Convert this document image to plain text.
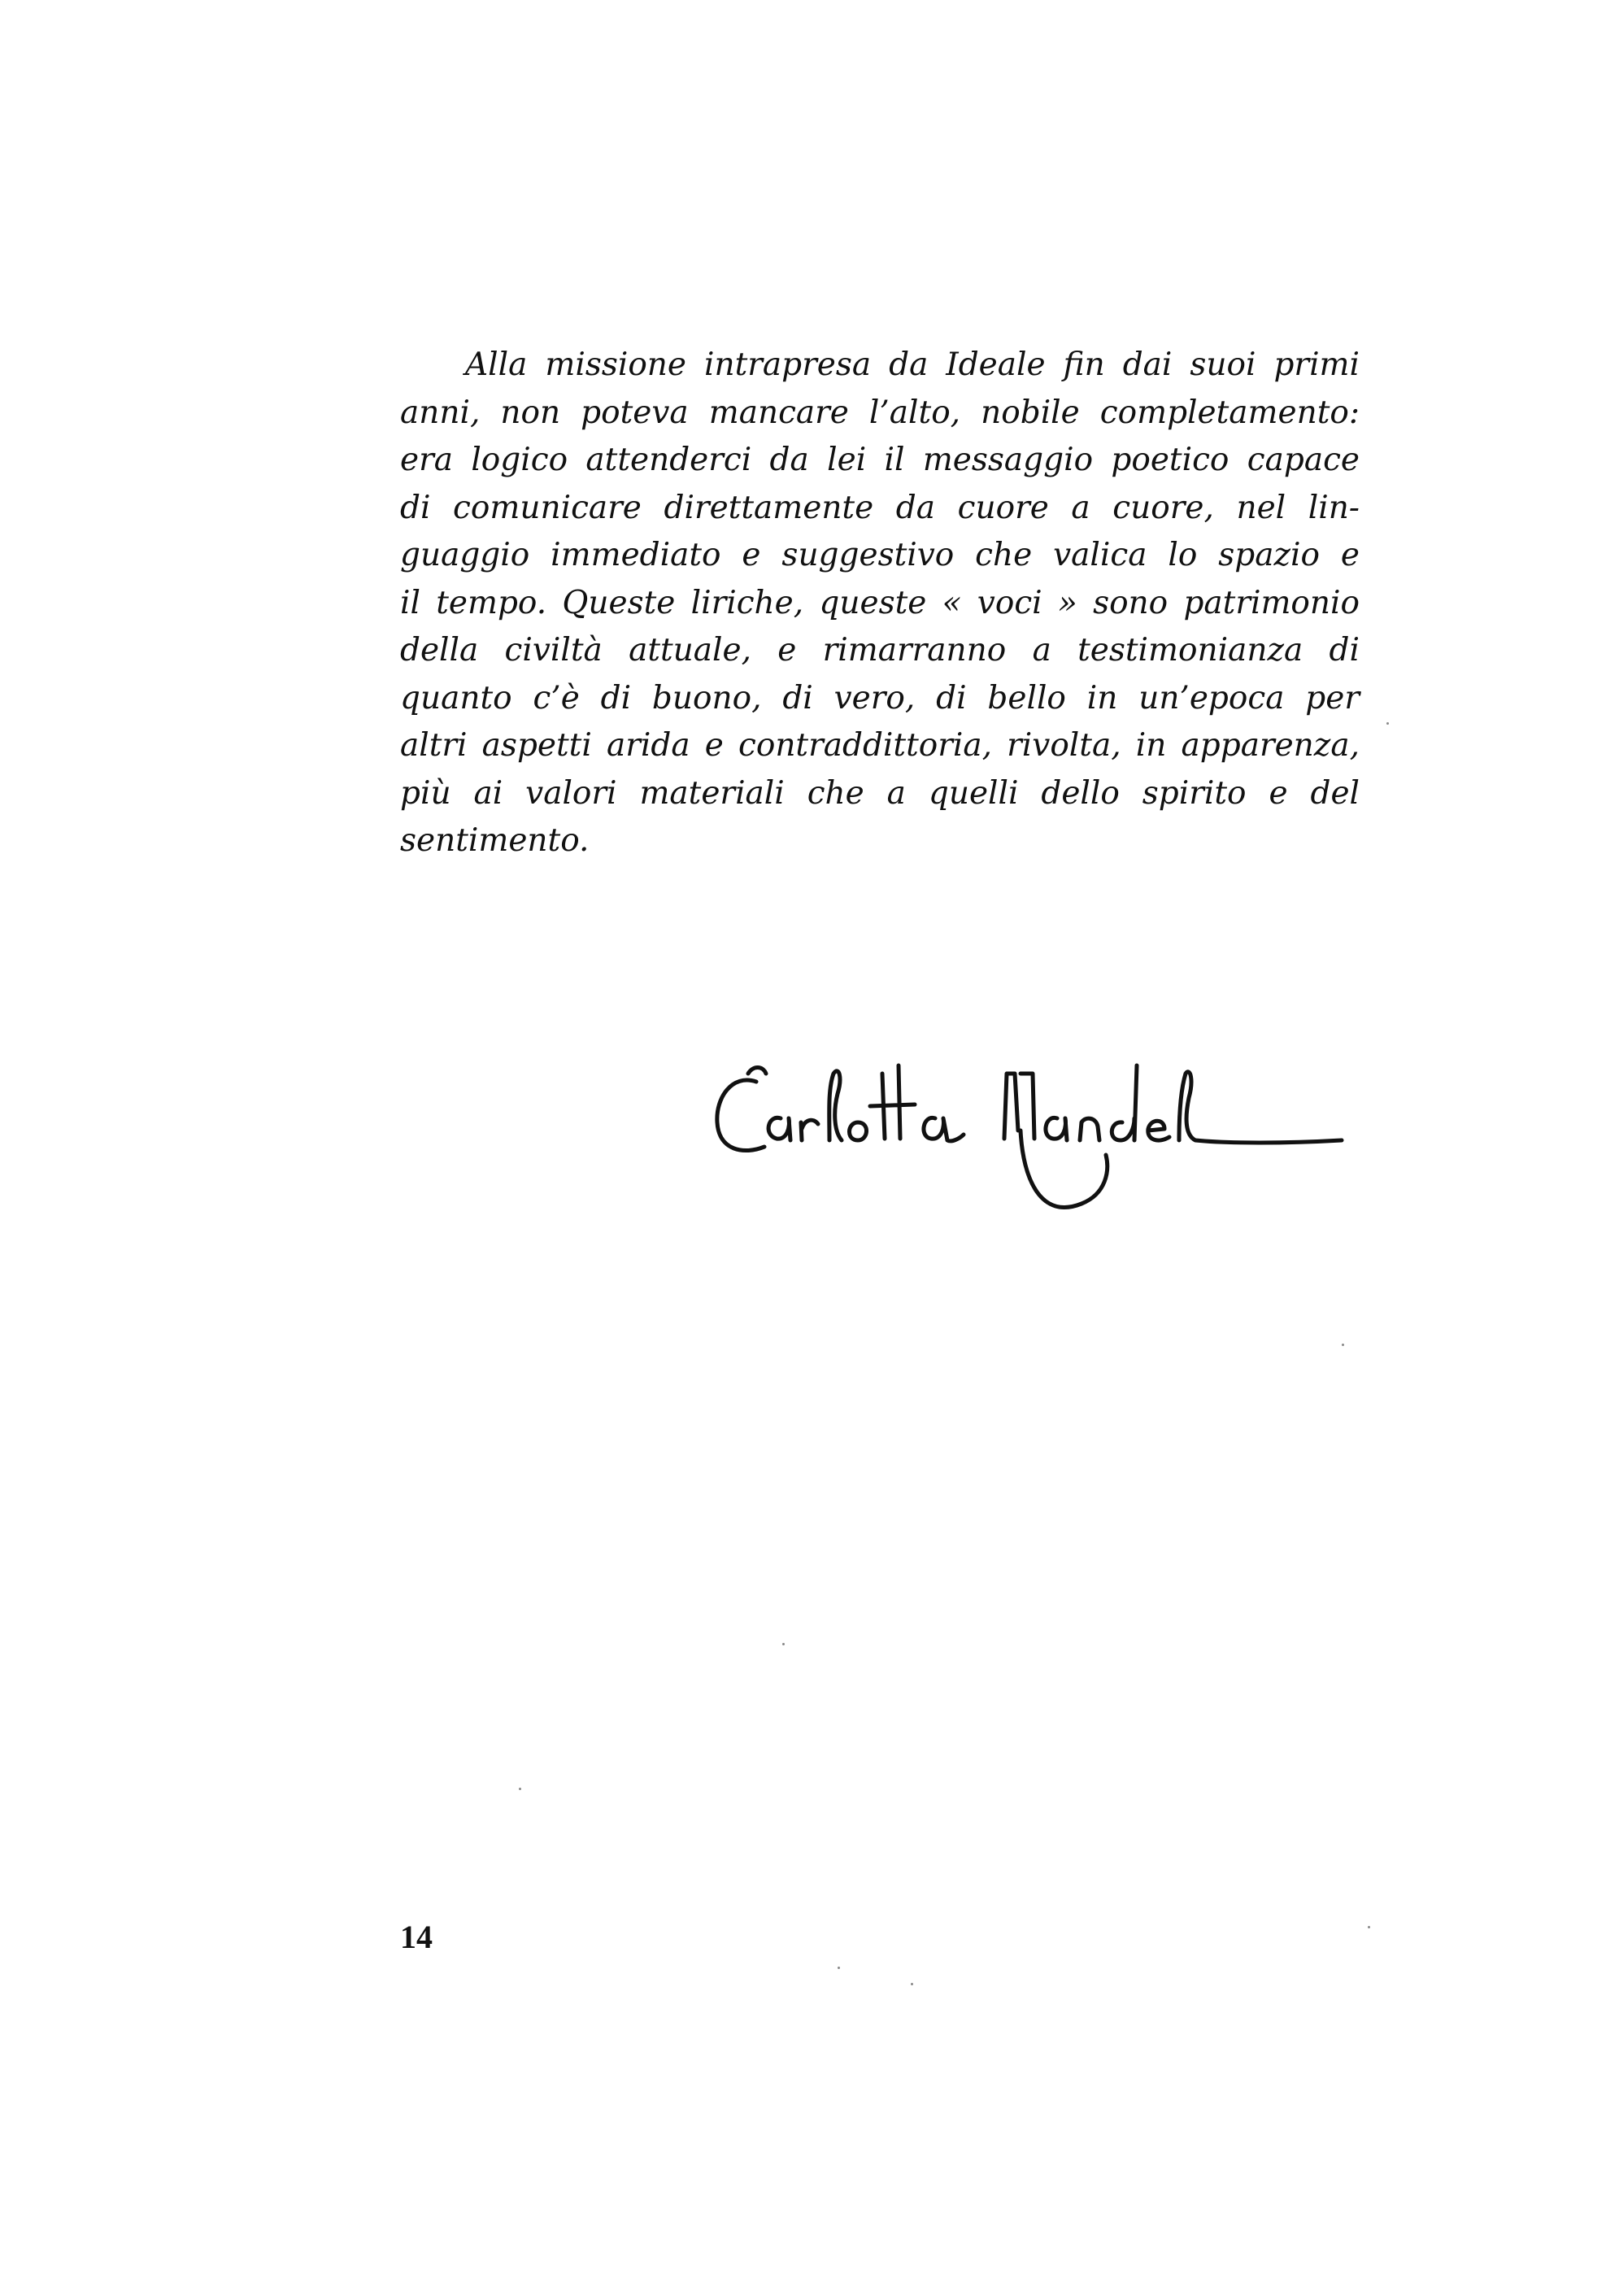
Alla missione intrapresa da Ideale fin dai suoi primi
anni, non poteva mancare l’alto, nobile completamento:
era logico attenderci da lei il messaggio poetico capace
di comunicare direttamente da cuore a cuore, nel lin-
guaggio immediato e suggestivo che valica lo spazio e
il tempo. Queste liriche, queste « voci » sono patrimonio
della civiltà attuale, e rimarranno a testimonianza di
quanto c’è di buono, di vero, di bello in un’epoca per
altri aspetti arida e contraddittoria, rivolta, in apparenza,
più ai valori materiali che a quelli dello spirito e del
sentimento.
14
